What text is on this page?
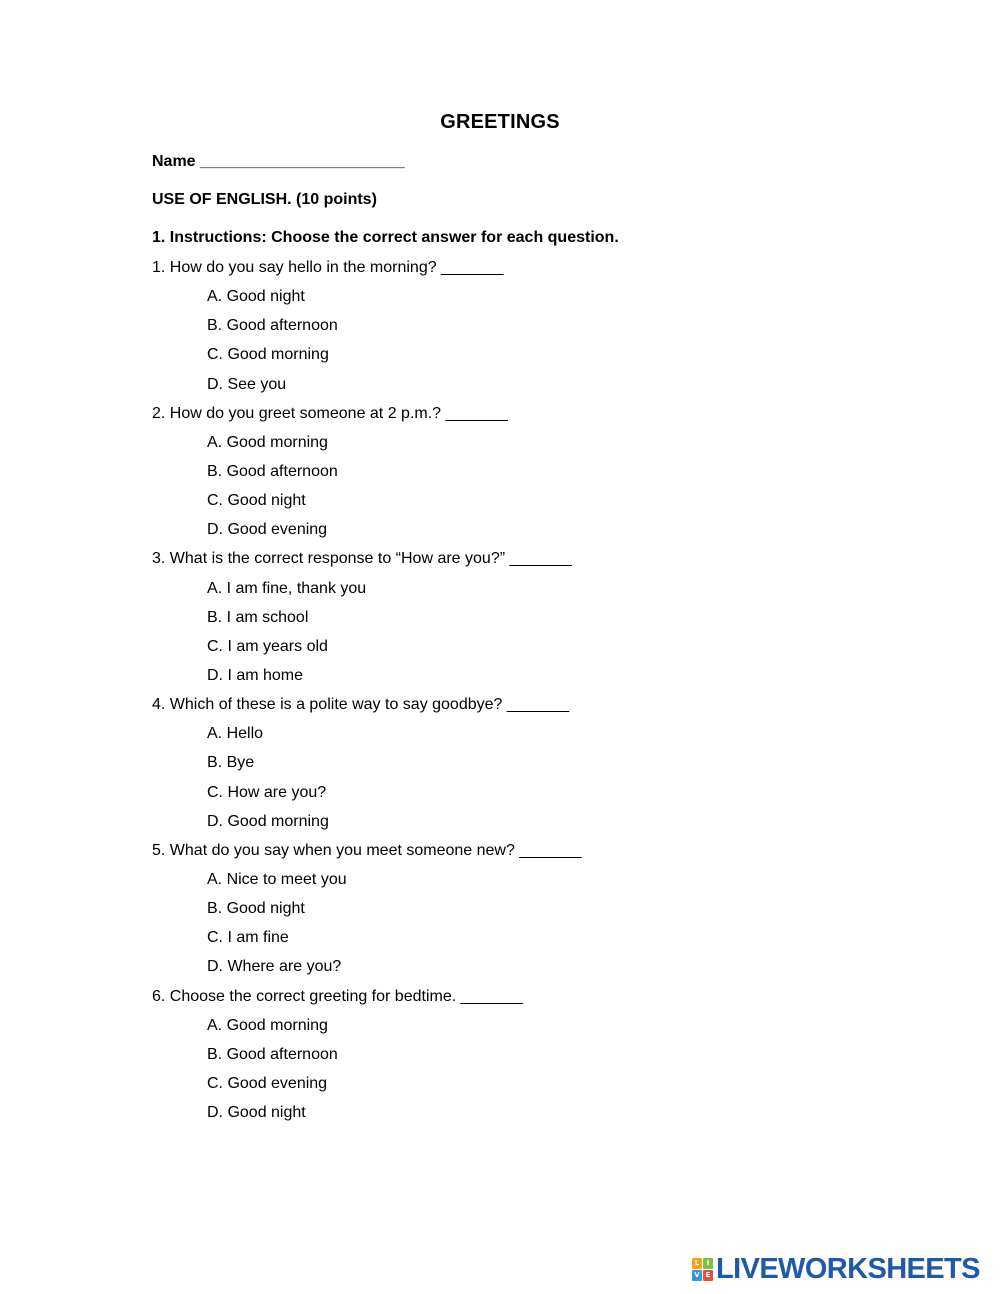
GREETINGS
Name _______________________
USE OF ENGLISH. (10 points)
1. Instructions: Choose the correct answer for each question.
1. How do you say hello in the morning? _______
A. Good night
B. Good afternoon
C. Good morning
D. See you
2. How do you greet someone at 2 p.m.? _______
A. Good morning
B. Good afternoon
C. Good night
D. Good evening
3. What is the correct response to “How are you?” _______
A. I am fine, thank you
B. I am school
C. I am years old
D. I am home
4. Which of these is a polite way to say goodbye? _______
A. Hello
B. Bye
C. How are you?
D. Good morning
5. What do you say when you meet someone new? _______
A. Nice to meet you
B. Good night
C. I am fine
D. Where are you?
6. Choose the correct greeting for bedtime. _______
A. Good morning
B. Good afternoon
C. Good evening
D. Good night
L	I
V E LIVEWORKSHEETS
